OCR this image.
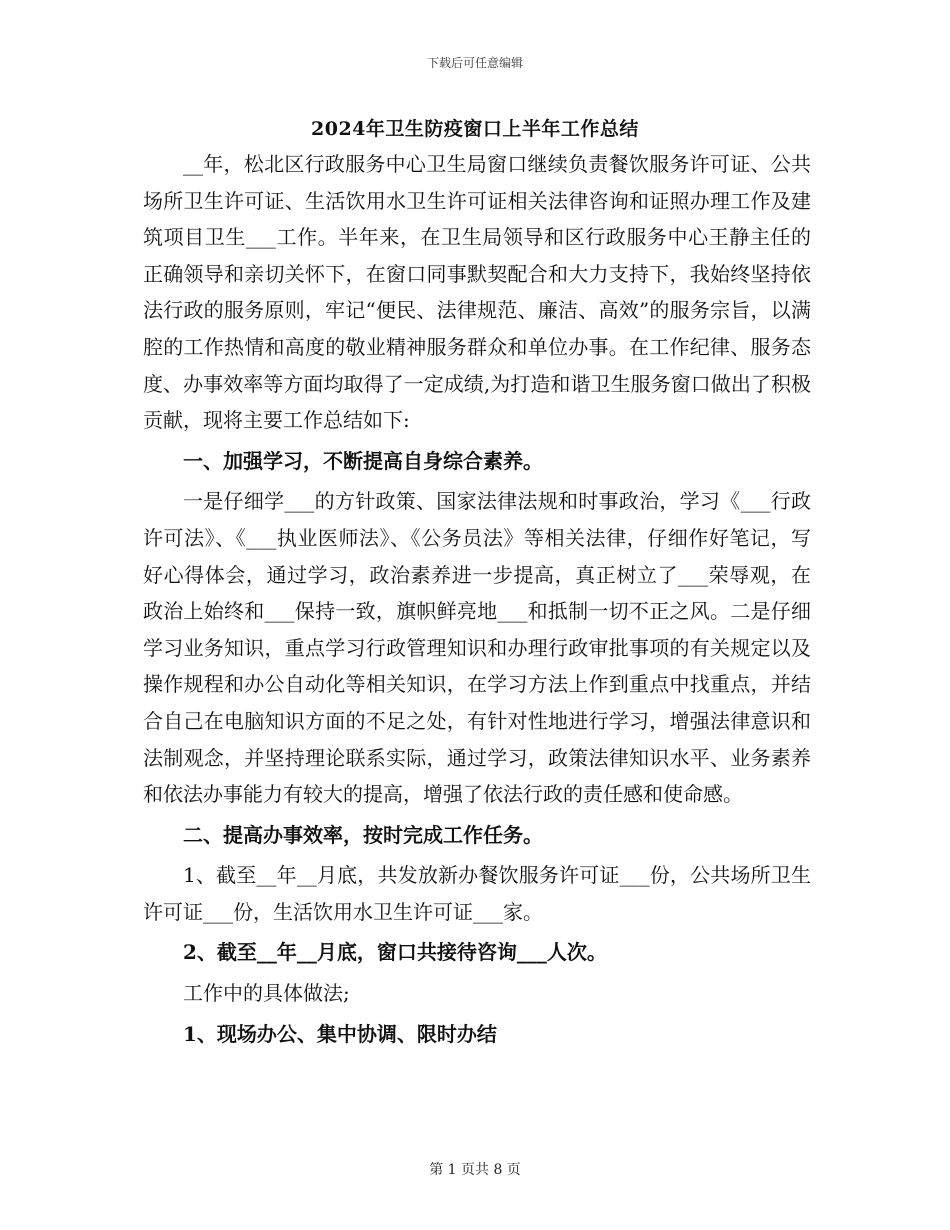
下载后可任意编辑
2024年卫生防疫窗口上半年工作总结

__年，松北区行政服务中心卫生局窗口继续负责餐饮服务许可证、公共场所卫生许可证、生活饮用水卫生许可证相关法律咨询和证照办理工作及建筑项目卫生___工作。半年来，在卫生局领导和区行政服务中心王静主任的正确领导和亲切关怀下，在窗口同事默契配合和大力支持下，我始终坚持依法行政的服务原则，牢记“便民、法律规范、廉洁、高效”的服务宗旨，以满腔的工作热情和高度的敬业精神服务群众和单位办事。在工作纪律、服务态度、办事效率等方面均取得了一定成绩,为打造和谐卫生服务窗口做出了积极贡献，现将主要工作总结如下:

一、加强学习，不断提高自身综合素养。

一是仔细学___的方针政策、国家法律法规和时事政治，学习《___行政许可法》、《___执业医师法》、《公务员法》等相关法律，仔细作好笔记，写好心得体会，通过学习，政治素养进一步提高，真正树立了___荣辱观，在政治上始终和___保持一致，旗帜鲜亮地___和抵制一切不正之风。二是仔细学习业务知识，重点学习行政管理知识和办理行政审批事项的有关规定以及操作规程和办公自动化等相关知识，在学习方法上作到重点中找重点，并结合自己在电脑知识方面的不足之处，有针对性地进行学习，增强法律意识和法制观念，并坚持理论联系实际，通过学习，政策法律知识水平、业务素养和依法办事能力有较大的提高，增强了依法行政的责任感和使命感。

二、提高办事效率，按时完成工作任务。

1、截至__年__月底，共发放新办餐饮服务许可证___份，公共场所卫生许可证___份，生活饮用水卫生许可证___家。

2、截至__年__月底，窗口共接待咨询___人次。

工作中的具体做法;

1、现场办公、集中协调、限时办结

第 1 页共 8 页
